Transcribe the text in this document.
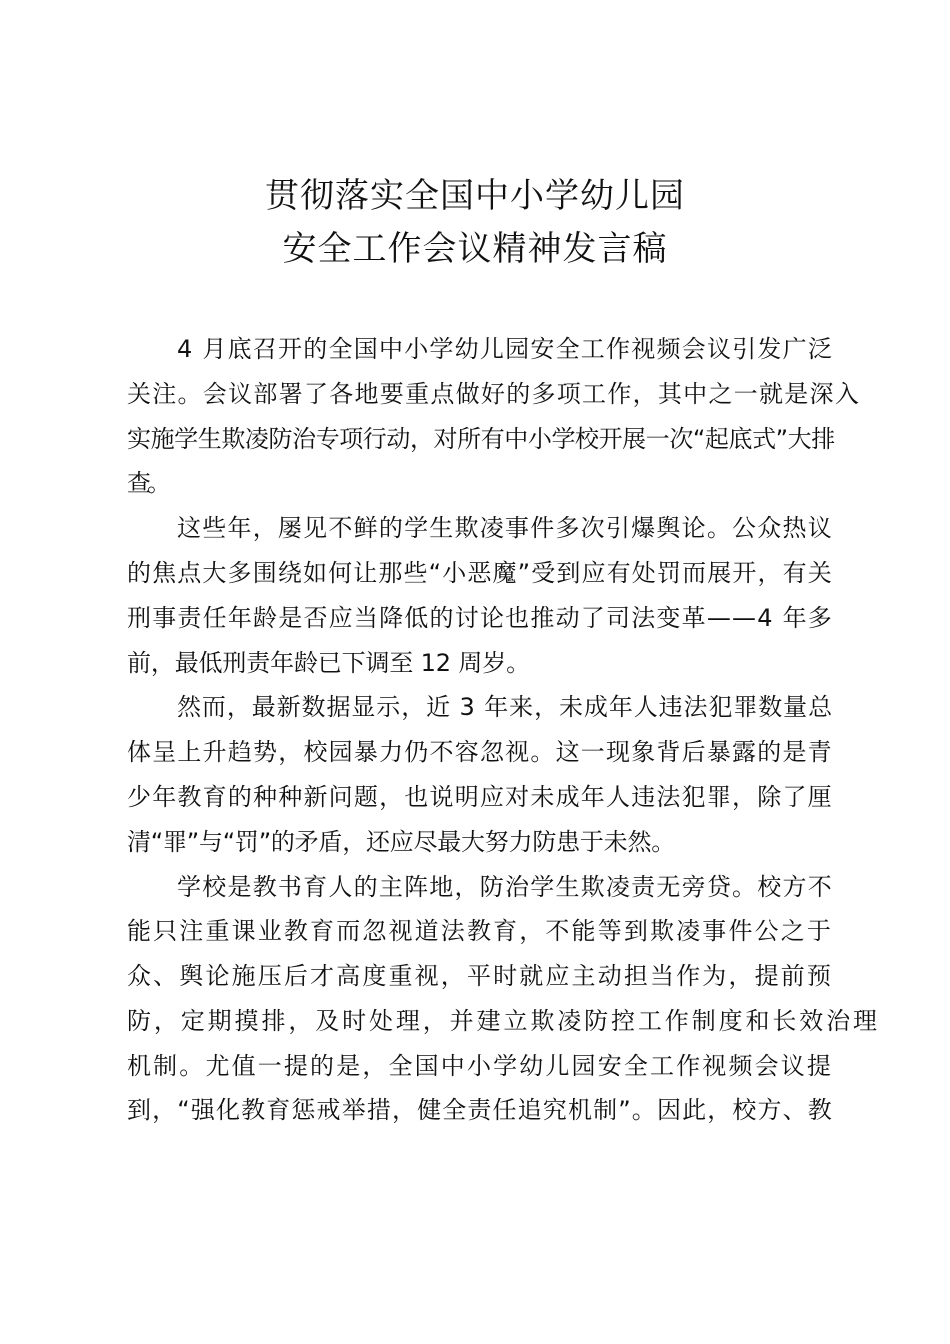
贯彻落实全国中小学幼儿园
安全工作会议精神发言稿
4 月底召开的全国中小学幼儿园安全工作视频会议引发广泛
关注。会议部署了各地要重点做好的多项工作，其中之一就是深入
实施学生欺凌防治专项行动，对所有中小学校开展一次“起底式”大排
查。
这些年，屡见不鲜的学生欺凌事件多次引爆舆论。公众热议
的焦点大多围绕如何让那些“小恶魔”受到应有处罚而展开，有关
刑事责任年龄是否应当降低的讨论也推动了司法变革——4 年多
前，最低刑责年龄已下调至 12 周岁。
然而，最新数据显示，近 3 年来，未成年人违法犯罪数量总
体呈上升趋势，校园暴力仍不容忽视。这一现象背后暴露的是青
少年教育的种种新问题，也说明应对未成年人违法犯罪，除了厘
清“罪”与“罚”的矛盾，还应尽最大努力防患于未然。
学校是教书育人的主阵地，防治学生欺凌责无旁贷。校方不
能只注重课业教育而忽视道法教育，不能等到欺凌事件公之于
众、舆论施压后才高度重视，平时就应主动担当作为，提前预
防，定期摸排，及时处理，并建立欺凌防控工作制度和长效治理
机制。尤值一提的是，全国中小学幼儿园安全工作视频会议提
到，“强化教育惩戒举措，健全责任追究机制”。因此，校方、教
